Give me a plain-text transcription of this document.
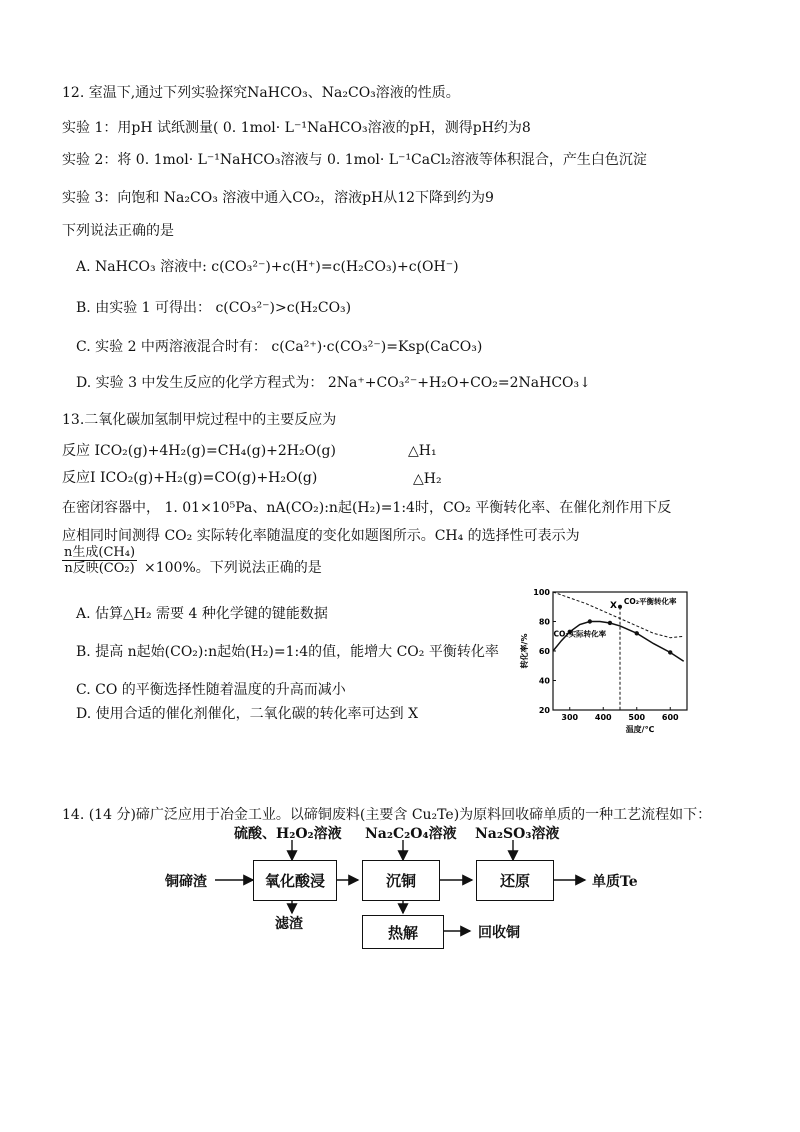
12. 室温下,通过下列实验探究NaHCO₃、Na₂CO₃溶液的性质。
实验 1：用pH 试纸测量( 0. 1mol· L⁻¹NaHCO₃溶液的pH，测得pH约为8
实验 2：将 0. 1mol· L⁻¹NaHCO₃溶液与 0. 1mol· L⁻¹CaCl₂溶液等体积混合，产生白色沉淀
实验 3：向饱和 Na₂CO₃ 溶液中通入CO₂，溶液pH从12下降到约为9
下列说法正确的是
A. NaHCO₃ 溶液中: c(CO₃²⁻)+c(H⁺)=c(H₂CO₃)+c(OH⁻)
B. 由实验 1 可得出： c(CO₃²⁻)>c(H₂CO₃)
C. 实验 2 中两溶液混合时有： c(Ca²⁺)·c(CO₃²⁻)=Ksp(CaCO₃)
D. 实验 3 中发生反应的化学方程式为： 2Na⁺+CO₃²⁻+H₂O+CO₂=2NaHCO₃↓
13.二氧化碳加氢制甲烷过程中的主要反应为
反应 ICO₂(g)+4H₂(g)=CH₄(g)+2H₂O(g)	△H₁
反应Ⅰ ICO₂(g)+H₂(g)=CO(g)+H₂O(g)	△H₂
在密闭容器中， 1. 01×10⁵Pa、nA(CO₂):n起(H₂)=1:4时，CO₂ 平衡转化率、在催化剂作用下反
应相同时间测得 CO₂ 实际转化率随温度的变化如题图所示。CH₄ 的选择性可表示为
n生成(CH₄)
n反映(CO₂) ×100%。下列说法正确的是
A. 估算△H₂ 需要 4 种化学键的键能数据
B. 提高 n起始(CO₂):n起始(H₂)=1:4的值，能增大 CO₂ 平衡转化率
C. CO 的平衡选择性随着温度的升高而减小
D. 使用合适的催化剂催化，二氧化碳的转化率可达到 X	20
40
60
80
100
300 400 500 600
转化率/%
温度/℃
CO₂平衡转化率
CO₂实际转化率
X
14. (14 分)碲广泛应用于冶金工业。以碲铜废料(主要含 Cu₂Te)为原料回收碲单质的一种工艺流程如下：
铜碲渣	氧化酸浸	沉铜	还原
热解
硫酸、H₂O₂溶液 Na₂C₂O₄溶液 Na₂SO₃溶液
单质Te
滤渣
回收铜
